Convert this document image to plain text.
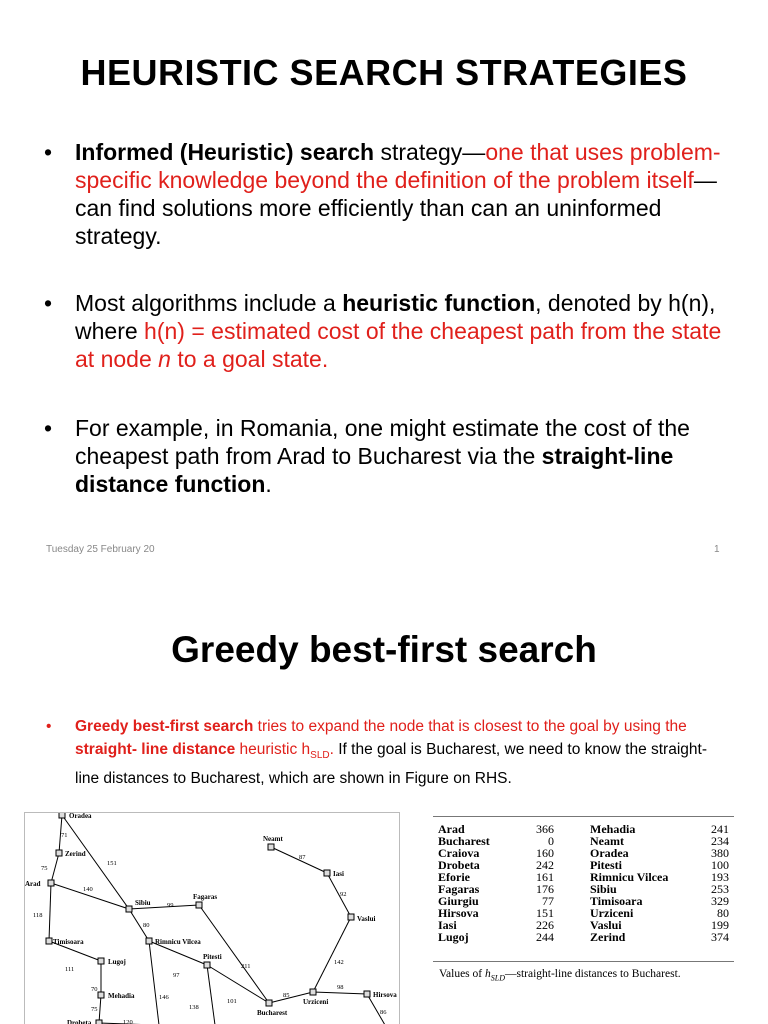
HEURISTIC SEARCH STRATEGIES
• Informed (Heuristic) search strategy—one that uses problem-specific knowledge beyond the definition of the problem itself—can find solutions more efficiently than can an uninformed strategy.
• Most algorithms include a heuristic function, denoted by h(n), where h(n) = estimated cost of the cheapest path from the state at node n to a goal state.
• For example, in Romania, one might estimate the cost of the cheapest path from Arad to Bucharest via the straight-line distance function.
Tuesday 25 February 20	1
Greedy best-first search
• Greedy best-first search tries to expand the node that is closest to the goal by using the straight- line distance heuristic $h_{SLD}$. If the goal is Bucharest, we need to know the straight-line distances to Bucharest, which are shown in Figure on RHS.
Oradea
Zerind
Arad
Timisoara
Lugoj
Mehadia
Drobeta
Sibiu
Fagaras
Rimnicu Vilcea
Pitesti
Bucharest
Urziceni
Hirsova
Vaslui
Iasi
Neamt
71
75
151
140
118
111
70
75
120
99
80
97
146
138
101
211
85
98
86
142
92
87
Arad	366		Mehadia	241
Bucharest	0		Neamt	234
Craiova	160		Oradea	380
Drobeta	242		Pitesti	100
Eforie	161		Rimnicu Vilcea	193
Fagaras	176		Sibiu	253
Giurgiu	77		Timisoara	329
Hirsova	151		Urziceni	80
Iasi	226		Vaslui	199
Lugoj	244		Zerind	374
Values of $h_{SLD}—straight$-line distances to Bucharest.
